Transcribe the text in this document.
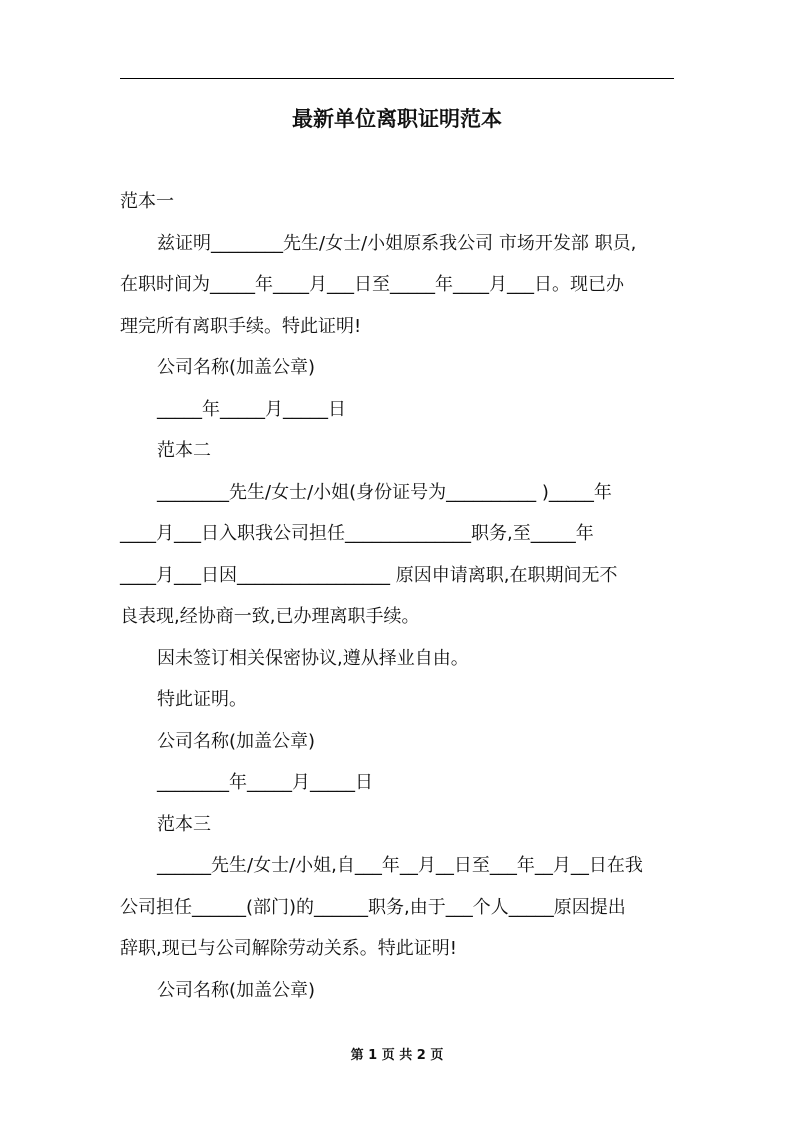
最新单位离职证明范本

范本一

兹证明________先生/女士/小姐原系我公司 市场开发部 职员,

在职时间为_____年____月___日至_____年____月___日。现已办

理完所有离职手续。特此证明!

公司名称(加盖公章)

_____年_____月_____日

范本二

________先生/女士/小姐(身份证号为__________ )_____年

____月___日入职我公司担任______________职务,至_____年

____月___日因_________________ 原因申请离职,在职期间无不

良表现,经协商一致,已办理离职手续。

因未签订相关保密协议,遵从择业自由。

特此证明。

公司名称(加盖公章)

________年_____月_____日

范本三

______先生/女士/小姐,自___年__月__日至___年__月__日在我

公司担任______(部门)的______职务,由于___个人_____原因提出

辞职,现已与公司解除劳动关系。特此证明!

公司名称(加盖公章)

第 1 页 共 2 页
